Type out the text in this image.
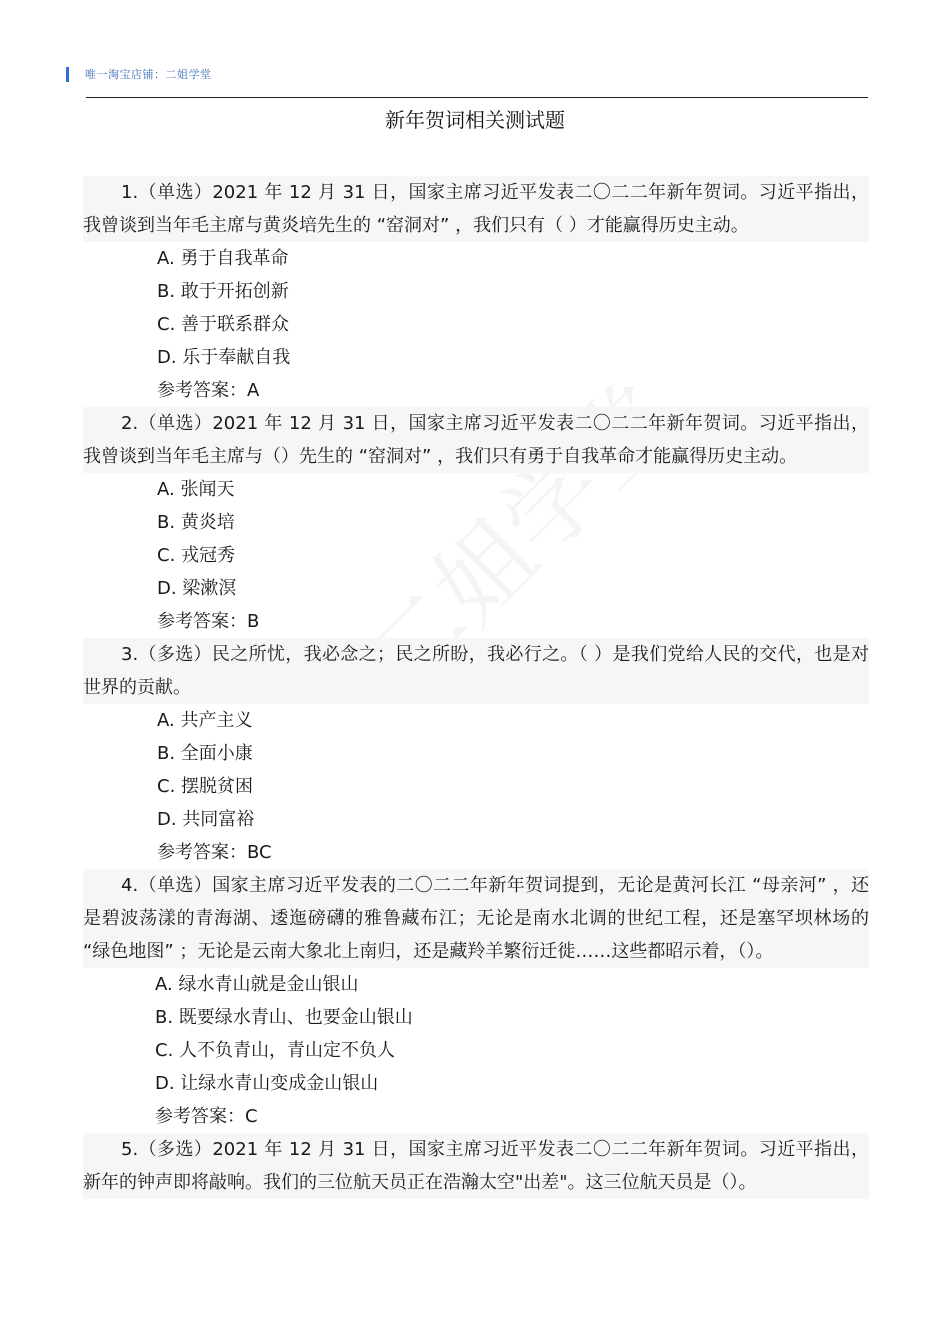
唯一淘宝店铺：二姐学堂
新年贺词相关测试题
1.（单选）2021 年 12 月 31 日，国家主席习近平发表二〇二二年新年贺词。习近平指出，我曾谈到当年毛主席与黄炎培先生的 “窑洞对” ，我们只有（ ）才能赢得历史主动。
A. 勇于自我革命
B. 敢于开拓创新
C. 善于联系群众
D. 乐于奉献自我
参考答案：A
2.（单选）2021 年 12 月 31 日，国家主席习近平发表二〇二二年新年贺词。习近平指出，我曾谈到当年毛主席与（）先生的 “窑洞对” ，我们只有勇于自我革命才能赢得历史主动。
A. 张闻天
B. 黄炎培
C. 戎冠秀
D. 梁漱溟
参考答案：B
3.（多选）民之所忧，我必念之；民之所盼，我必行之。（ ）是我们党给人民的交代，也是对世界的贡献。
A. 共产主义
B. 全面小康
C. 摆脱贫困
D. 共同富裕
参考答案：BC
4.（单选）国家主席习近平发表的二〇二二年新年贺词提到，无论是黄河长江 “母亲河” ，还是碧波荡漾的青海湖、逶迤磅礴的雅鲁藏布江；无论是南水北调的世纪工程，还是塞罕坝林场的 “绿色地图” ；无论是云南大象北上南归，还是藏羚羊繁衍迁徙……这些都昭示着，（）。
A. 绿水青山就是金山银山
B. 既要绿水青山、也要金山银山
C. 人不负青山，青山定不负人
D. 让绿水青山变成金山银山
参考答案：C
5.（多选）2021 年 12 月 31 日，国家主席习近平发表二〇二二年新年贺词。习近平指出，新年的钟声即将敲响。我们的三位航天员正在浩瀚太空"出差"。这三位航天员是（）。
